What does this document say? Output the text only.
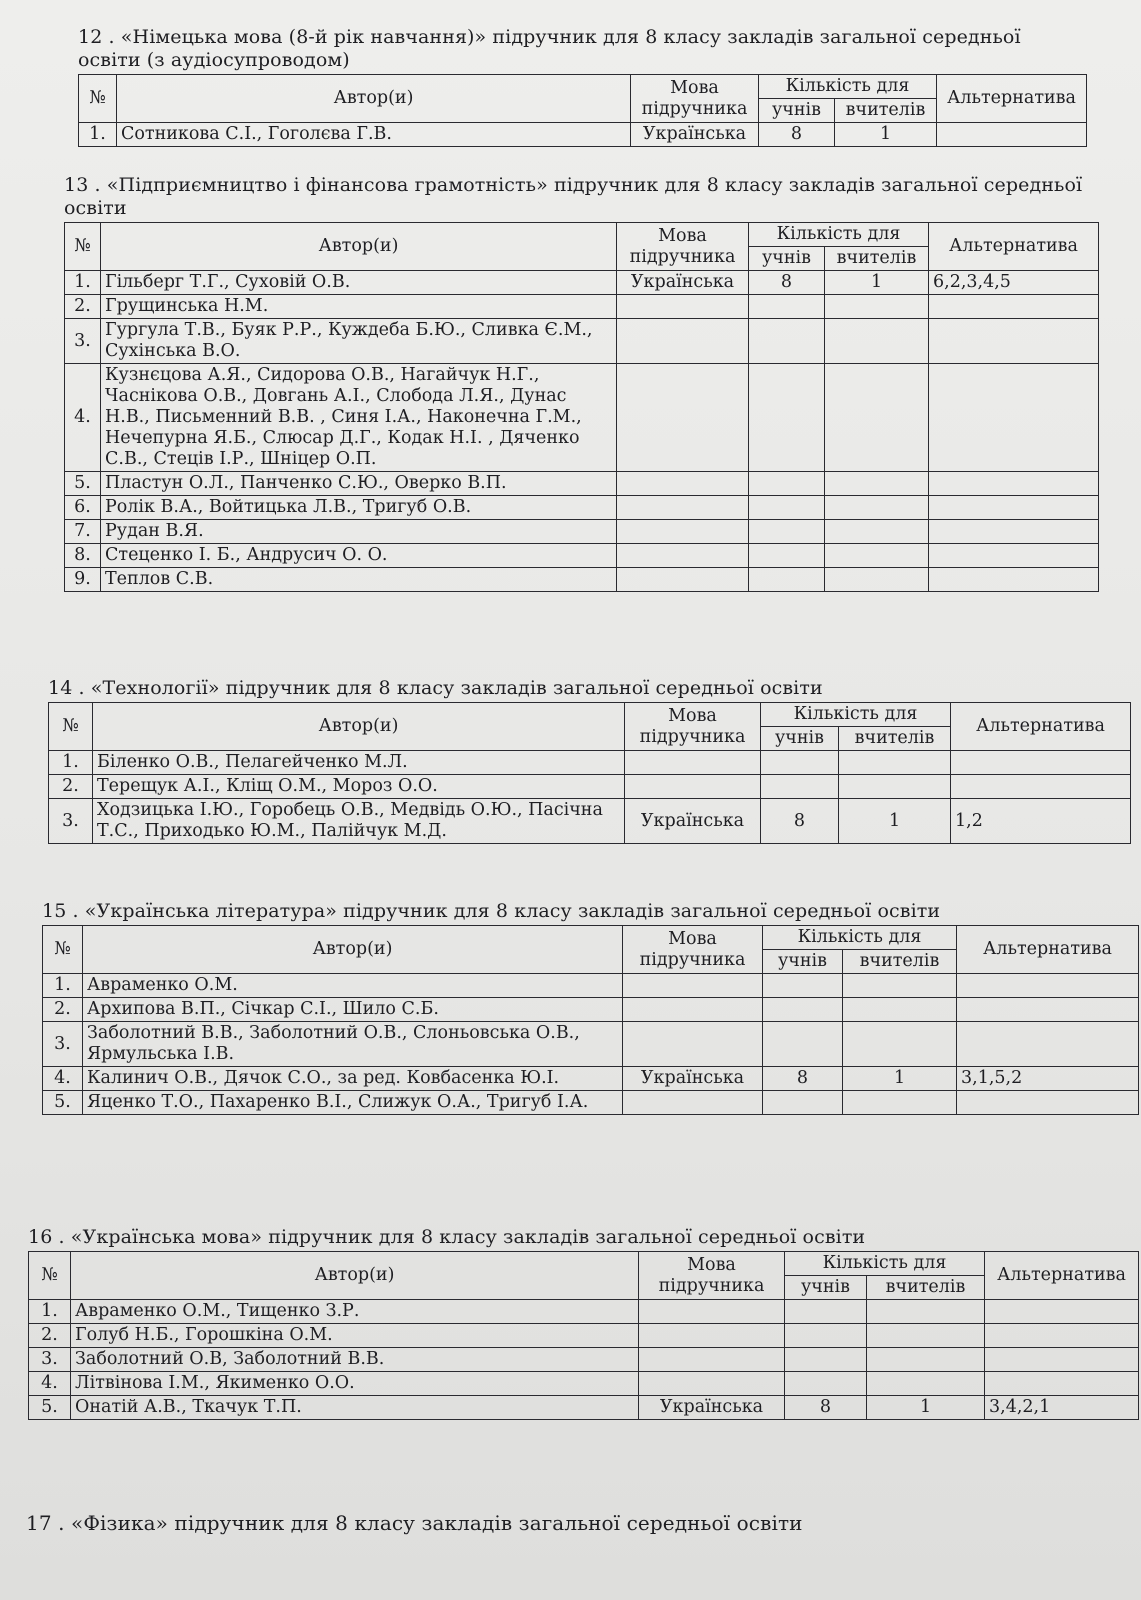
12 . «Німецька мова (8-й рік навчання)» підручник для 8 класу закладів загальної середньої освіти (з аудіосупроводом)
№	Автор(и)	Мова підручника	Кількість для		Альтернатива
			учнів	вчителів	
1.	Сотникова С.І., Гоголєва Г.В.	Українська	8	1	
13 . «Підприємництво і фінансова грамотність» підручник для 8 класу закладів загальної середньої освіти
№	Автор(и)	Мова підручника	Кількість для		Альтернатива
			учнів	вчителів	
1.	Гільберг Т.Г., Суховій О.В.	Українська	8	1	6,2,3,4,5
2.	Грущинська Н.М.				
3.	Гургула Т.В., Буяк Р.Р., Куждеба Б.Ю., Сливка Є.М., Сухінська В.О.				
4.	Кузнєцова А.Я., Сидорова О.В., Нагайчук Н.Г., Часнікова О.В., Довгань А.І., Слобода Л.Я., Дунас Н.В., Письменний В.В. , Синя І.А., Наконечна Г.М., Нечепурна Я.Б., Слюсар Д.Г., Кодак Н.І. , Дяченко С.В., Стеців І.Р., Шніцер О.П.				
5.	Пластун О.Л., Панченко С.Ю., Оверко В.П.				
6.	Ролік В.А., Войтицька Л.В., Тригуб О.В.				
7.	Рудан В.Я.				
8.	Стеценко І. Б., Андрусич О. О.				
9.	Теплов С.В.				
14 . «Технології» підручник для 8 класу закладів загальної середньої освіти
№	Автор(и)	Мова підручника	Кількість для		Альтернатива
			учнів	вчителів	
1.	Біленко О.В., Пелагейченко М.Л.				
2.	Терещук А.І., Кліщ О.М., Мороз О.О.				
3.	Ходзицька І.Ю., Горобець О.В., Медвідь О.Ю., Пасічна Т.С., Приходько Ю.М., Палійчук М.Д.	Українська	8	1	1,2
15 . «Українська література» підручник для 8 класу закладів загальної середньої освіти
№	Автор(и)	Мова підручника	Кількість для		Альтернатива
			учнів	вчителів	
1.	Авраменко О.М.				
2.	Архипова В.П., Січкар С.І., Шило С.Б.				
3.	Заболотний В.В., Заболотний О.В., Слоньовська О.В., Ярмульська І.В.				
4.	Калинич О.В., Дячок С.О., за ред. Ковбасенка Ю.І.	Українська	8	1	3,1,5,2
5.	Яценко Т.О., Пахаренко В.І., Слижук О.А., Тригуб І.А.				
16 . «Українська мова» підручник для 8 класу закладів загальної середньої освіти
№	Автор(и)	Мова підручника	Кількість для		Альтернатива
			учнів	вчителів	
1.	Авраменко О.М., Тищенко З.Р.				
2.	Голуб Н.Б., Горошкіна О.М.				
3.	Заболотний О.В, Заболотний В.В.				
4.	Літвінова І.М., Якименко О.О.				
5.	Онатій А.В., Ткачук Т.П.	Українська	8	1	3,4,2,1
17 . «Фізика» підручник для 8 класу закладів загальної середньої освіти
